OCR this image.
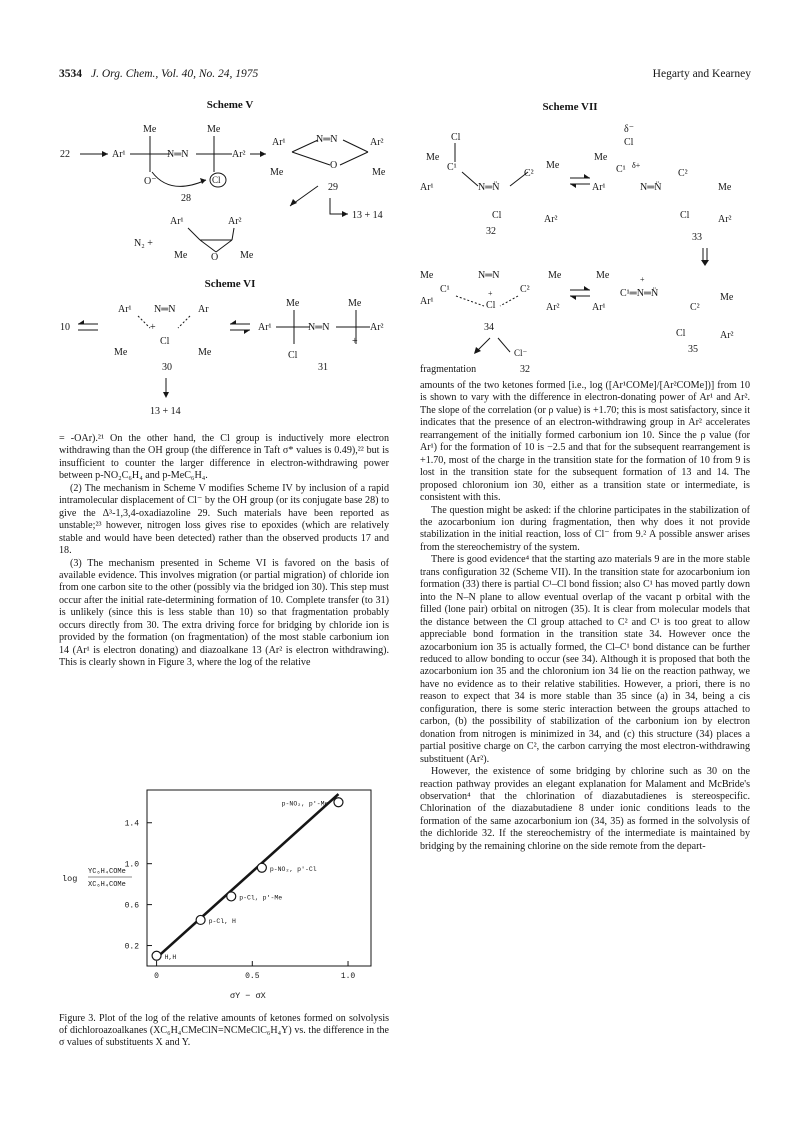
3534 J. Org. Chem., Vol. 40, No. 24, 1975	Hegarty and Kearney
Scheme V
Scheme VI
Scheme VII
22	Ar¹
Me
O⁻
N═N
Me
Cl
Ar²
28
Ar¹
Me
N═N
O
Ar²
Me
29
13 + 14
N₂ +
Ar¹	Ar²
O
Me	Me
10
Ar¹ N═N Ar
Cl
+
Me	Me
30
13 + 14
Ar¹
Me
Cl
N═N
Me
+
Ar²
31
Cl
Me
C¹
Ar¹	N═N̈
C²
Me
Cl	Ar²
32
δ⁻
Cl
Me
C¹ δ+
Ar¹	N═N̈
C²
Me
Cl	Ar²
33
Me
Ar¹
C¹
N═N
C²
Me
Ar²
Cl
+
34
Me
Ar¹
C¹═N═N̈
+
C²
Me
Cl	Ar²
35
Cl⁻
fragmentation	32

= -OAr).²¹ On the other hand, the Cl group is inductively more electron withdrawing than the OH group (the difference in Taft σ* values is 0.49),²² but is insufficient to counter the larger difference in electron-withdrawing power between p-NO₂C₆H₄ and p-MeC₆H₄.

(2) The mechanism in Scheme V modifies Scheme IV by inclusion of a rapid intramolecular displacement of Cl⁻ by the OH group (or its conjugate base 28) to give the Δ³-1,3,4-oxadiazoline 29. Such materials have been reported as unstable;²³ however, nitrogen loss gives rise to epoxides (which are relatively stable and would have been detected) rather than the observed products 17 and 18.

(3) The mechanism presented in Scheme VI is favored on the basis of available evidence. This involves migration (or partial migration) of chloride ion from one carbon site to the other (possibly via the bridged ion 30). This step must occur after the initial rate-determining formation of 10. Complete transfer (to 31) is unlikely (since this is less stable than 10) so that fragmentation probably occurs directly from 30. The extra driving force for bridging by chloride ion is provided by the formation (on fragmentation) of the most stable carbonium ion 14 (Ar¹ is electron donating) and diazoalkane 13 (Ar² is electron withdrawing). This is clearly shown in Figure 3, where the log of the relative

amounts of the two ketones formed [i.e., log ([Ar¹COMe]/[Ar²COMe])] from 10 is shown to vary with the difference in electron-donating power of Ar¹ and Ar². The slope of the correlation (or ρ value) is +1.70; this is most satisfactory, since it indicates that the presence of an electron-withdrawing group in Ar² accelerates rearrangement of the initially formed carbonium ion 10. Since the ρ value (for Ar¹) for the formation of 10 is −2.5 and that for the subsequent rearrangement is +1.70, most of the charge in the transition state for the formation of 10 from 9 is lost in the transition state for the subsequent formation of 13 and 14. The proposed chloronium ion 30, either as a transition state or intermediate, is consistent with this.

The question might be asked: if the chlorine participates in the stabilization of the azocarbonium ion during fragmentation, then why does it not provide stabilization in the initial reaction, loss of Cl⁻ from 9.² A possible answer arises from the stereochemistry of the system.

There is good evidence⁴ that the starting azo materials 9 are in the more stable trans configuration 32 (Scheme VII). In the transition state for azocarbonium ion formation (33) there is partial C¹–Cl bond fission; also C¹ has moved partly down into the N–N plane to allow eventual overlap of the vacant p orbital with the filled (lone pair) orbital on nitrogen (35). It is clear from molecular models that the distance between the Cl group attached to C² and C¹ is too great to allow appreciable bond formation in the transition state 34. However once the azocarbonium ion 35 is actually formed, the Cl–C¹ bond distance can be further reduced to allow bonding to occur (see 34). Although it is proposed that both the azocarbonium ion 35 and the chloronium ion 34 lie on the reaction pathway, we have no evidence as to their relative stabilities. However, a priori, there is no reason to expect that 34 is more stable than 35 since (a) in 34, being a cis configuration, there is some steric interaction between the groups attached to carbon, (b) the possibility of stabilization of the carbonium ion by electron donation from nitrogen is minimized in 34, and (c) this structure (34) places a partial positive charge on C², the carbon carrying the most electron-withdrawing substituent (Ar²).

However, the existence of some bridging by chlorine such as 30 on the reaction pathway provides an elegant explanation for Malament and McBride's observation⁴ that the chlorination of diazabutadienes is stereospecific. Chlorination of the diazabutadiene 8 under ionic conditions leads to the formation of the same azocarbonium ion (34, 35) as formed in the solvolysis of the dichloride 32. If the stereochemistry of the intermediate is maintained by bridging by the remaining chlorine on the side remote from the depart-

0.2
0.6
1.0
1.4
0	0.5	1.0
H,H
p-Cl, H
p-Cl, p'-Me
p-NO₂, p'-Cl
p-NO₂, p'-Me
log
YC₆H₄COMe
XC₆H₄COMe
σY − σX
Figure 3. Plot of the log of the relative amounts of ketones formed on solvolysis of dichloroazoalkanes (XC₆H₄CMeClN=NCMeClC₆H₄Y) vs. the difference in the σ values of substituents X and Y.
